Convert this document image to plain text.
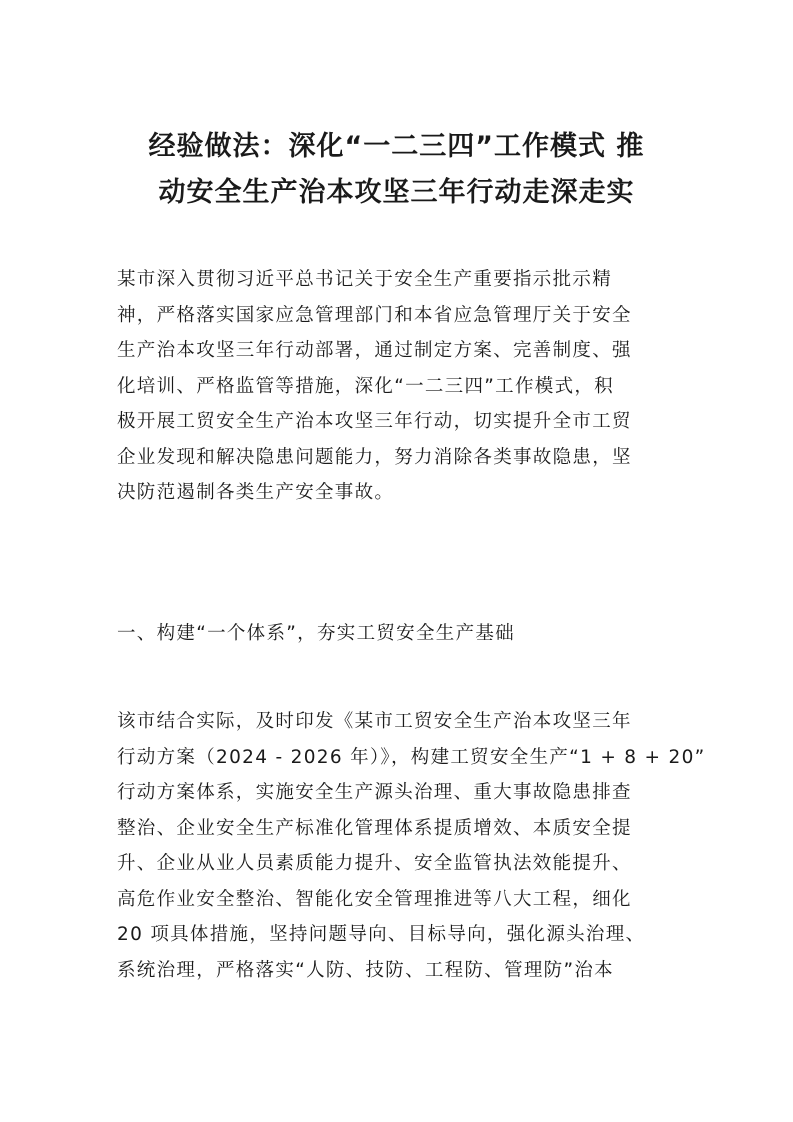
经验做法：深化“一二三四”工作模式 推
动安全生产治本攻坚三年行动走深走实

某市深入贯彻习近平总书记关于安全生产重要指示批示精
神，严格落实国家应急管理部门和本省应急管理厅关于安全
生产治本攻坚三年行动部署，通过制定方案、完善制度、强
化培训、严格监管等措施，深化“一二三四”工作模式，积
极开展工贸安全生产治本攻坚三年行动，切实提升全市工贸
企业发现和解决隐患问题能力，努力消除各类事故隐患，坚
决防范遏制各类生产安全事故。

一、构建“一个体系”，夯实工贸安全生产基础

该市结合实际，及时印发《某市工贸安全生产治本攻坚三年
行动方案（2024 - 2026 年）》，构建工贸安全生产“1 + 8 + 20”
行动方案体系，实施安全生产源头治理、重大事故隐患排查
整治、企业安全生产标准化管理体系提质增效、本质安全提
升、企业从业人员素质能力提升、安全监管执法效能提升、
高危作业安全整治、智能化安全管理推进等八大工程，细化
20 项具体措施，坚持问题导向、目标导向，强化源头治理、
系统治理，严格落实“人防、技防、工程防、管理防”治本
